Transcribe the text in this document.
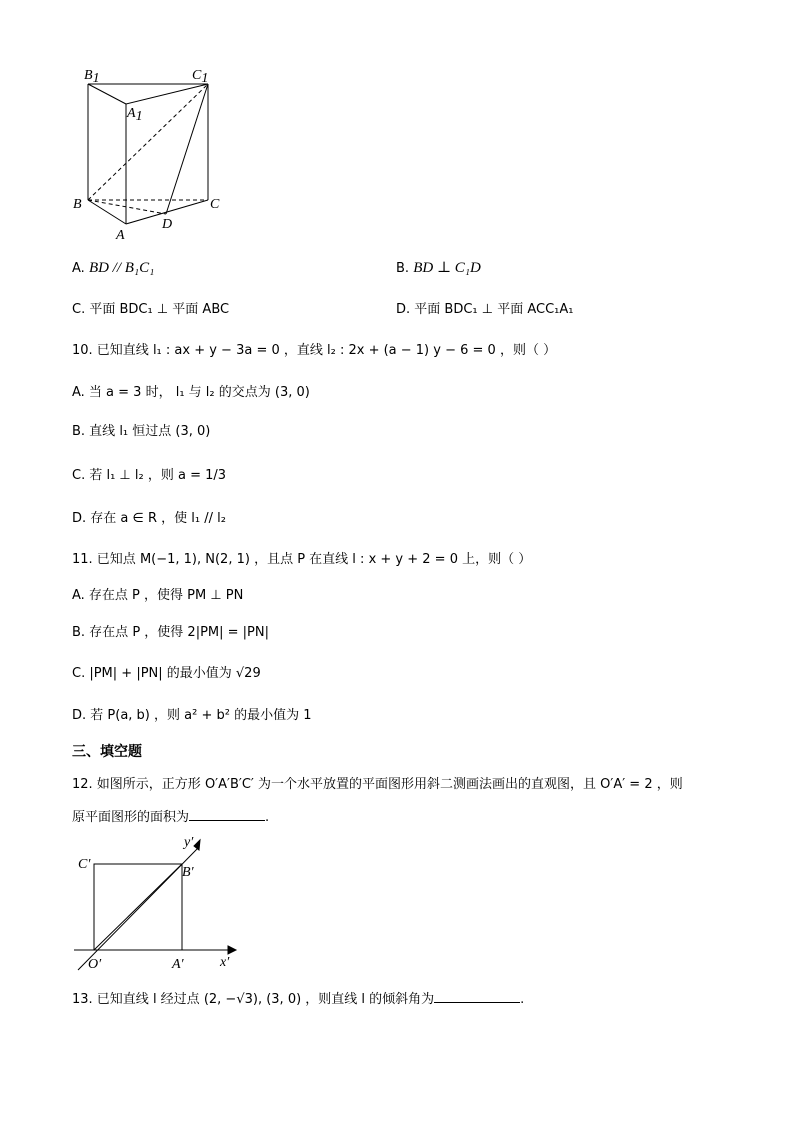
B1	C1
A1
B	C
A
D
A. BD // B₁C₁	B. BD ⊥ C₁D
C. 平面 BDC₁ ⊥ 平面 ABC	D. 平面 BDC₁ ⊥ 平面 ACC₁A₁
10. 已知直线 l₁ : ax + y − 3a = 0 ，直线 l₂ : 2x + (a − 1) y − 6 = 0 ，则（ ）
A. 当 a = 3 时， l₁ 与 l₂ 的交点为 (3, 0)
B. 直线 l₁ 恒过点 (3, 0)
C. 若 l₁ ⊥ l₂ ，则 a = 1/3
D. 存在 a ∈ R ，使 l₁ // l₂
11. 已知点 M(−1, 1), N(2, 1) ，且点 P 在直线 l : x + y + 2 = 0 上，则（ ）
A. 存在点 P ，使得 PM ⊥ PN
B. 存在点 P ，使得 2|PM| = |PN|
C. |PM| + |PN| 的最小值为 √29
D. 若 P(a, b) ，则 a² + b² 的最小值为 1
三、填空题
12. 如图所示，正方形 O′A′B′C′ 为一个水平放置的平面图形用斜二测画法画出的直观图，且 O′A′ = 2 ，则
原平面图形的面积为	.
C′
B′
O′	A′	x′
y′
13. 已知直线 l 经过点 (2, −√3), (3, 0) ，则直线 l 的倾斜角为	.
